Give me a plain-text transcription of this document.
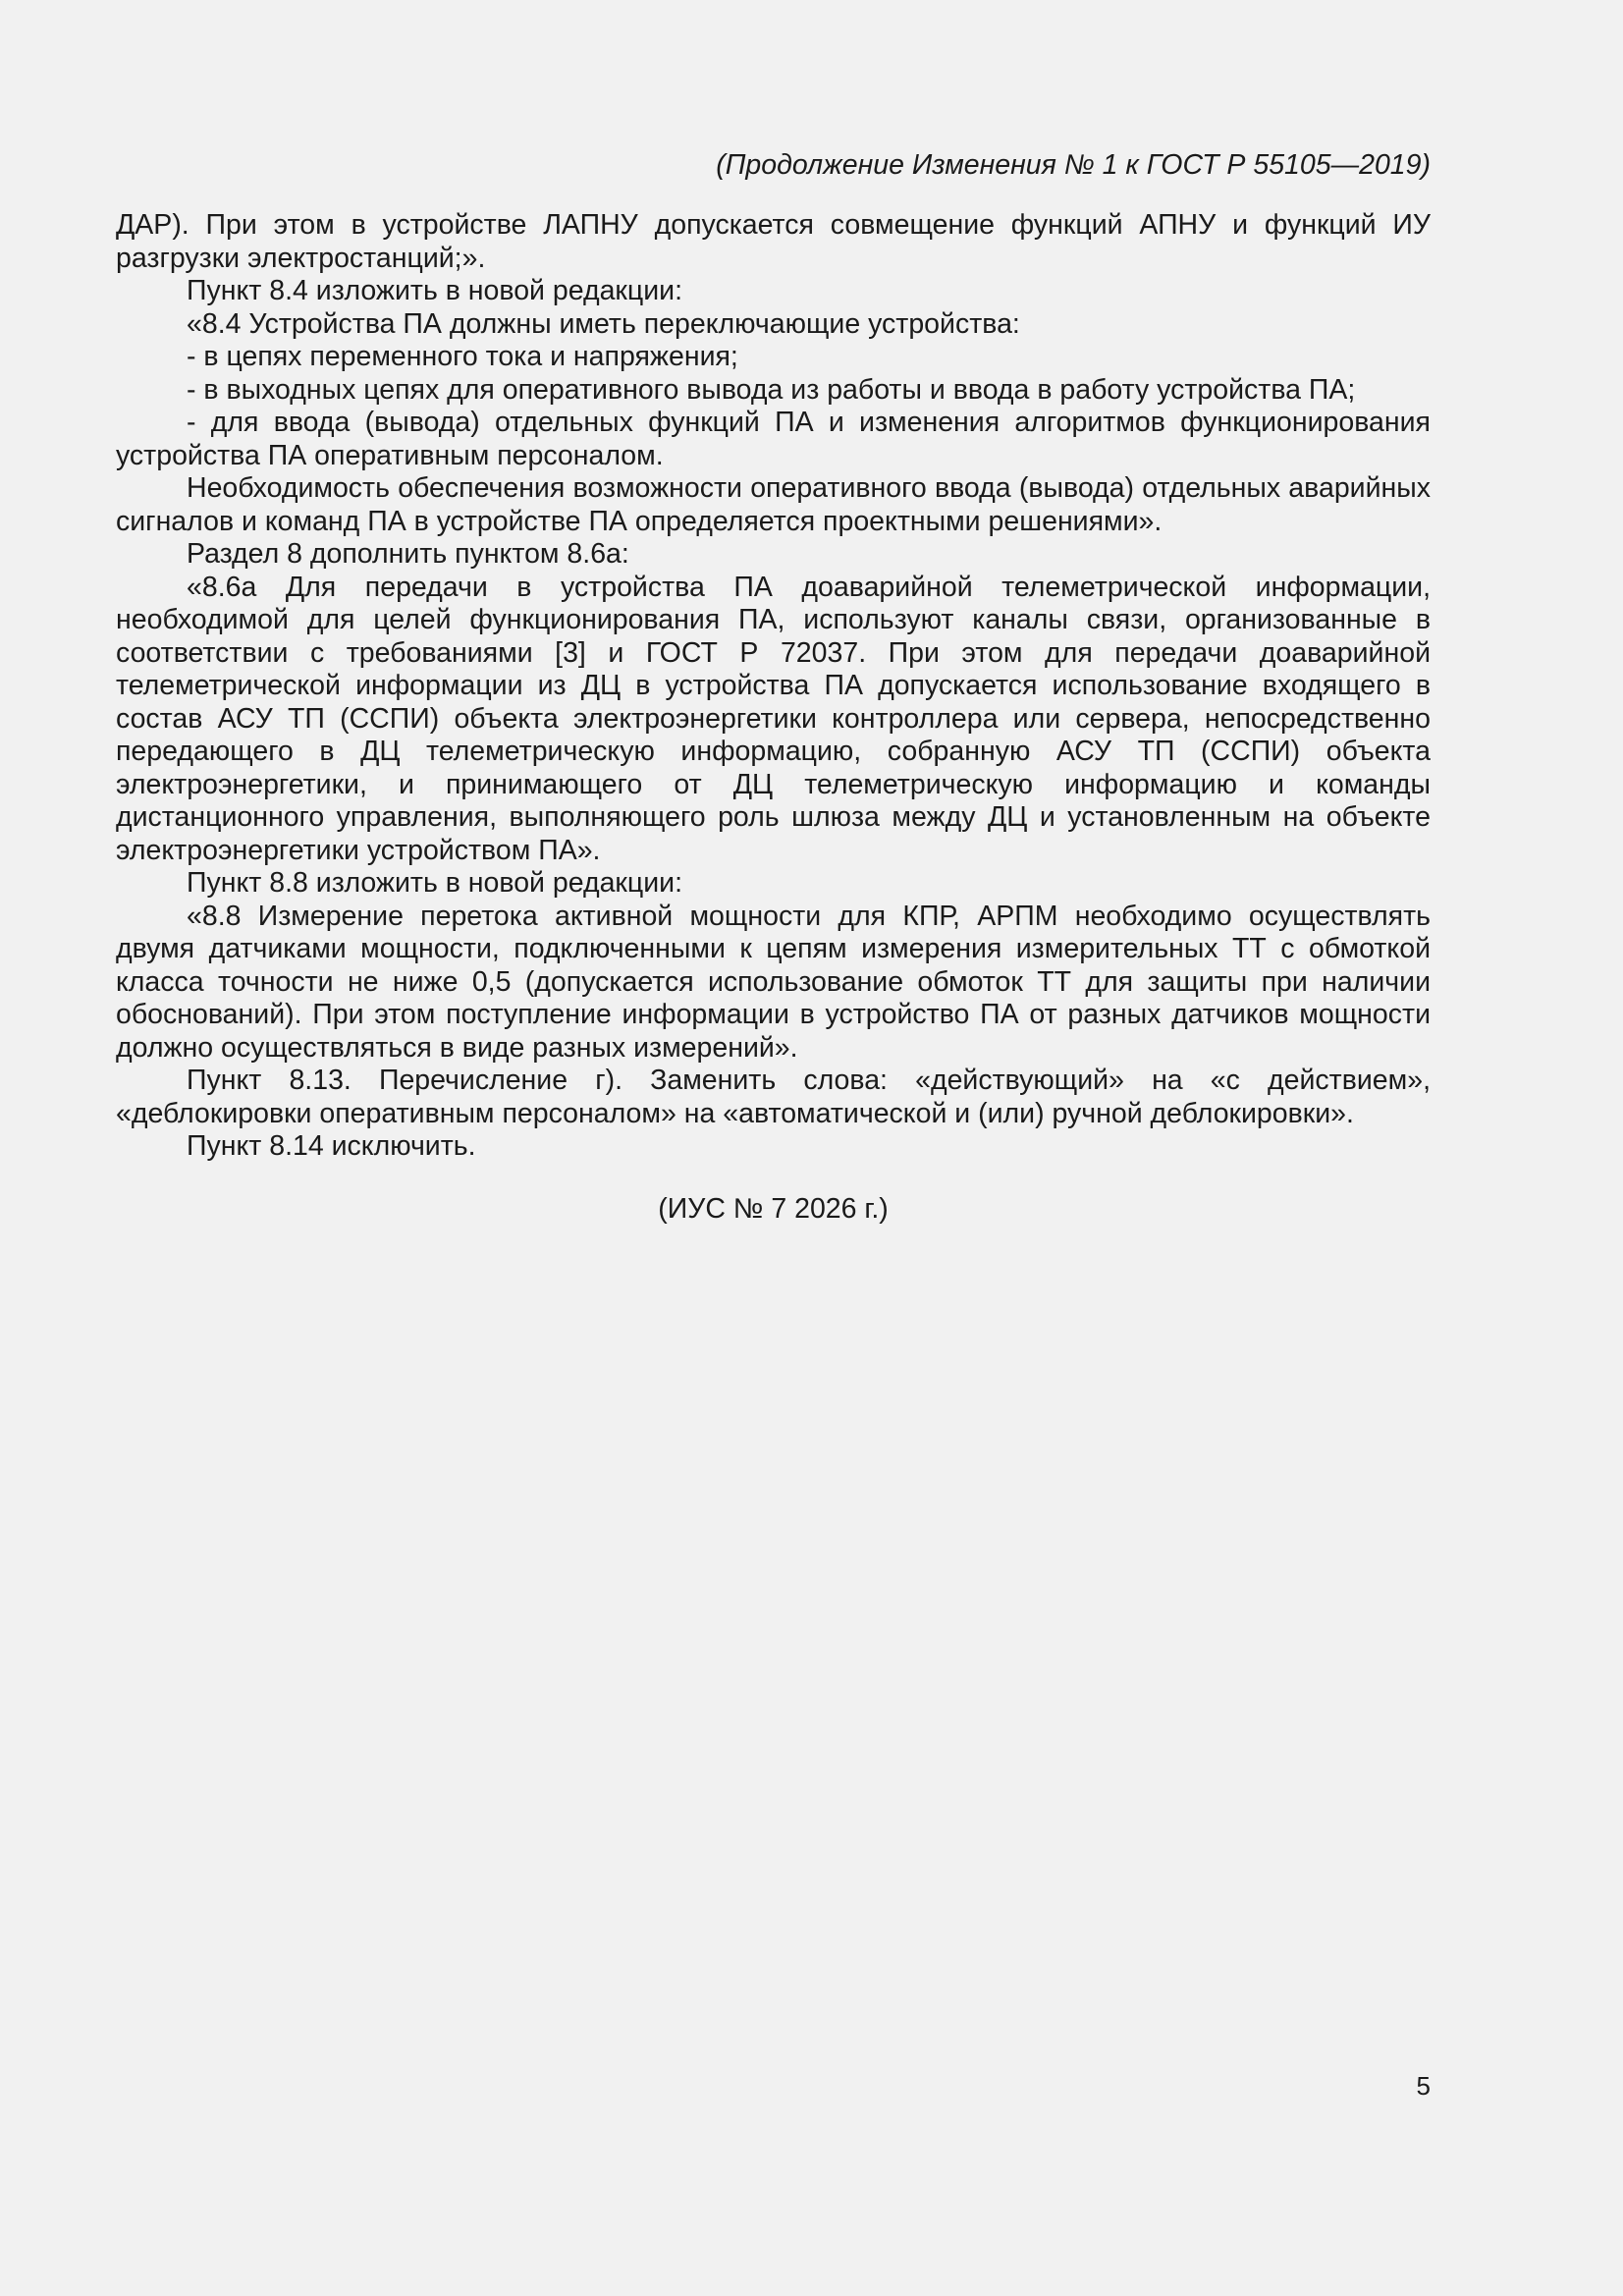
(Продолжение Изменения № 1 к ГОСТ Р 55105—2019)

ДАР). При этом в устройстве ЛАПНУ допускается совмещение функций АПНУ и функций ИУ разгрузки электростанций;».

Пункт 8.4 изложить в новой редакции:

«8.4 Устройства ПА должны иметь переключающие устройства:

- в цепях переменного тока и напряжения;

- в выходных цепях для оперативного вывода из работы и ввода в работу устройства ПА;

- для ввода (вывода) отдельных функций ПА и изменения алгоритмов функционирования устройства ПА оперативным персоналом.

Необходимость обеспечения возможности оперативного ввода (вывода) отдельных аварийных сигналов и команд ПА в устройстве ПА определяется проектными решениями».

Раздел 8 дополнить пунктом 8.6а:

«8.6а Для передачи в устройства ПА доаварийной телеметрической информации, необходимой для целей функционирования ПА, используют каналы связи, организованные в соответствии с требованиями [3] и ГОСТ Р 72037. При этом для передачи доаварийной телеметрической информации из ДЦ в устройства ПА допускается использование входящего в состав АСУ ТП (ССПИ) объекта электроэнергетики контроллера или сервера, непосредственно передающего в ДЦ телеметрическую информацию, собранную АСУ ТП (ССПИ) объекта электроэнергетики, и принимающего от ДЦ телеметрическую информацию и команды дистанционного управления, выполняющего роль шлюза между ДЦ и установленным на объекте электроэнергетики устройством ПА».

Пункт 8.8 изложить в новой редакции:

«8.8 Измерение перетока активной мощности для КПР, АРПМ необходимо осуществлять двумя датчиками мощности, подключенными к цепям измерения измерительных ТТ с обмоткой класса точности не ниже 0,5 (допускается использование обмоток ТТ для защиты при наличии обоснований). При этом поступление информации в устройство ПА от разных датчиков мощности должно осуществляться в виде разных измерений».

Пункт 8.13. Перечисление г). Заменить слова: «действующий» на «с действием», «деблокировки оперативным персоналом» на «автоматической и (или) ручной деблокировки».

Пункт 8.14 исключить.

(ИУС № 7 2026 г.)
5
